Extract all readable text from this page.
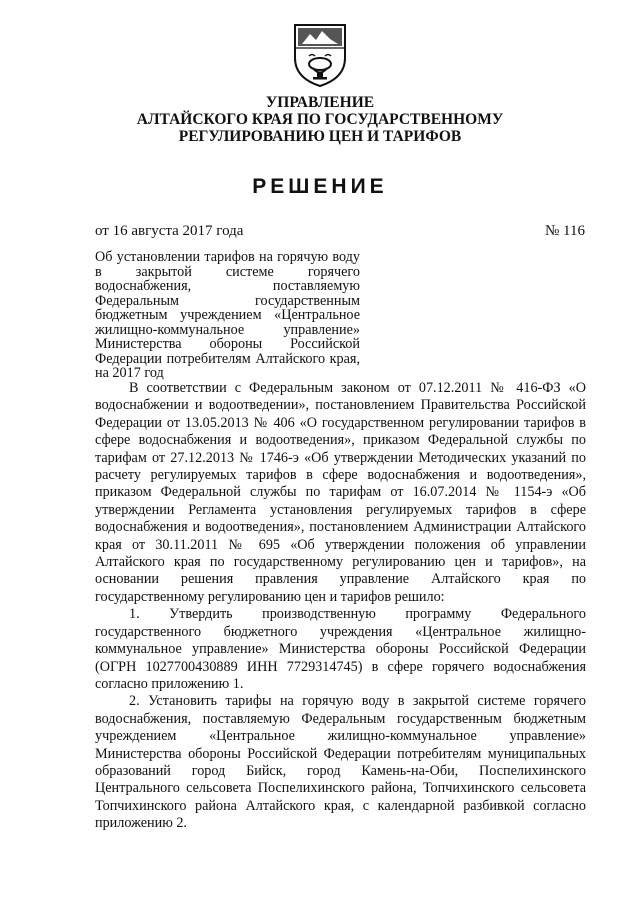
УПРАВЛЕНИЕ
АЛТАЙСКОГО КРАЯ ПО ГОСУДАРСТВЕННОМУ
РЕГУЛИРОВАНИЮ ЦЕН И ТАРИФОВ
РЕШЕНИЕ
от 16 августа 2017 года	№ 116
Об установлении тарифов на горячую воду в закрытой системе горячего водоснабжения, поставляемую Федеральным государственным бюджетным учреждением «Центральное жилищно-коммунальное управление» Министерства обороны Российской Федерации потребителям Алтайского края, на 2017 год

В соответствии с Федеральным законом от 07.12.2011 № 416-ФЗ «О водоснабжении и водоотведении», постановлением Правительства Российской Федерации от 13.05.2013 № 406 «О государственном регулировании тарифов в сфере водоснабжения и водоотведения», приказом Федеральной службы по тарифам от 27.12.2013 № 1746-э «Об утверждении Методических указаний по расчету регулируемых тарифов в сфере водоснабжения и водоотведения», приказом Федеральной службы по тарифам от 16.07.2014 № 1154-э «Об утверждении Регламента установления регулируемых тарифов в сфере водоснабжения и водоотведения», постановлением Администрации Алтайского края от 30.11.2011 № 695 «Об утверждении положения об управлении Алтайского края по государственному регулированию цен и тарифов», на основании решения правления управление Алтайского края по государственному регулированию цен и тарифов решило:

1. Утвердить производственную программу Федерального государственного бюджетного учреждения «Центральное жилищно-коммунальное управление» Министерства обороны Российской Федерации (ОГРН 1027700430889 ИНН 7729314745) в сфере горячего водоснабжения согласно приложению 1.

2. Установить тарифы на горячую воду в закрытой системе горячего водоснабжения, поставляемую Федеральным государственным бюджетным учреждением «Центральное жилищно-коммунальное управление» Министерства обороны Российской Федерации потребителям муниципальных образований город Бийск, город Камень-на-Оби, Поспелихинского Центрального сельсовета Поспелихинского района, Топчихинского сельсовета Топчихинского района Алтайского края, с календарной разбивкой согласно приложению 2.
